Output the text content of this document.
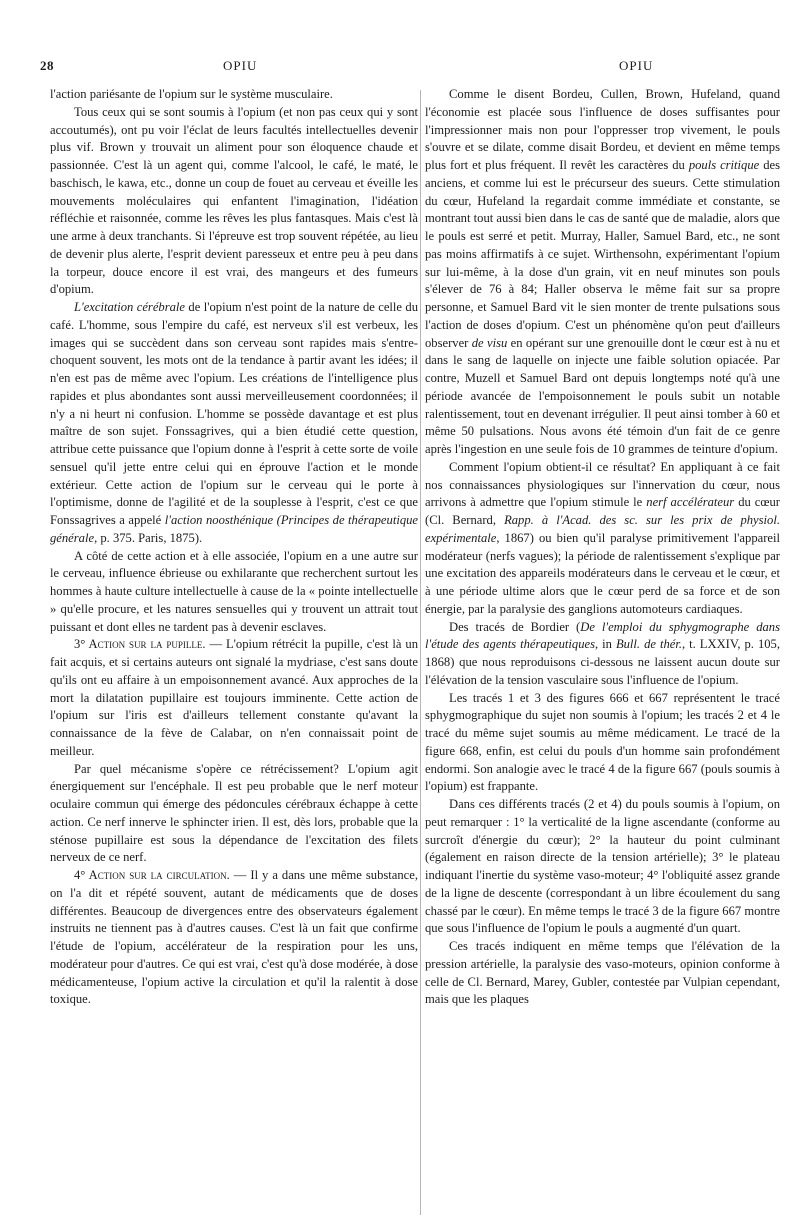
28	OPIU	OPIU

l'action pariésante de l'opium sur le système musculaire.

Tous ceux qui se sont soumis à l'opium (et non pas ceux qui y sont accoutumés), ont pu voir l'éclat de leurs facultés intellectuelles devenir plus vif. Brown y trouvait un aliment pour son éloquence chaude et passionnée. C'est là un agent qui, comme l'alcool, le café, le maté, le baschisch, le kawa, etc., donne un coup de fouet au cerveau et éveille les mouvements moléculaires qui enfantent l'imagination, l'idéation réfléchie et raisonnée, comme les rêves les plus fantasques. Mais c'est là une arme à deux tranchants. Si l'épreuve est trop souvent répétée, au lieu de devenir plus alerte, l'esprit devient paresseux et entre peu à peu dans la torpeur, douce encore il est vrai, des mangeurs et des fumeurs d'opium.

L'excitation cérébrale de l'opium n'est point de la nature de celle du café. L'homme, sous l'empire du café, est nerveux s'il est verbeux, les images qui se succèdent dans son cerveau sont rapides mais s'entre-choquent souvent, les mots ont de la tendance à partir avant les idées; il n'en est pas de même avec l'opium. Les créations de l'intelligence plus rapides et plus abondantes sont aussi merveilleusement coordonnées; il n'y a ni heurt ni confusion. L'homme se possède davantage et est plus maître de son sujet. Fonssagrives, qui a bien étudié cette question, attribue cette puissance que l'opium donne à l'esprit à cette sorte de voile sensuel qu'il jette entre celui qui en éprouve l'action et le monde extérieur. Cette action de l'opium sur le cerveau qui le porte à l'optimisme, donne de l'agilité et de la souplesse à l'esprit, c'est ce que Fonssagrives a appelé l'action noosthénique (Principes de thérapeutique générale, p. 375. Paris, 1875).

A côté de cette action et à elle associée, l'opium en a une autre sur le cerveau, influence ébrieuse ou exhilarante que recherchent surtout les hommes à haute culture intellectuelle à cause de la « pointe intellectuelle » qu'elle procure, et les natures sensuelles qui y trouvent un attrait tout puissant et dont elles ne tardent pas à devenir esclaves.

3° Action sur la pupille. — L'opium rétrécit la pupille, c'est là un fait acquis, et si certains auteurs ont signalé la mydriase, c'est sans doute qu'ils ont eu affaire à un empoisonnement avancé. Aux approches de la mort la dilatation pupillaire est toujours imminente. Cette action de l'opium sur l'iris est d'ailleurs tellement constante qu'avant la connaissance de la fève de Calabar, on n'en connaissait point de meilleur.

Par quel mécanisme s'opère ce rétrécissement? L'opium agit énergiquement sur l'encéphale. Il est peu probable que le nerf moteur oculaire commun qui émerge des pédoncules cérébraux échappe à cette action. Ce nerf innerve le sphincter irien. Il est, dès lors, probable que la sténose pupillaire est sous la dépendance de l'excitation des filets nerveux de ce nerf.

4° Action sur la circulation. — Il y a dans une même substance, on l'a dit et répété souvent, autant de médicaments que de doses différentes. Beaucoup de divergences entre des observateurs également instruits ne tiennent pas à d'autres causes. C'est là un fait que confirme l'étude de l'opium, accélérateur de la respiration pour les uns, modérateur pour d'autres. Ce qui est vrai, c'est qu'à dose modérée, à dose médicamenteuse, l'opium active la circulation et qu'il la ralentit à dose toxique.

Comme le disent Bordeu, Cullen, Brown, Hufeland, quand l'économie est placée sous l'influence de doses suffisantes pour l'impressionner mais non pour l'oppresser trop vivement, le pouls s'ouvre et se dilate, comme disait Bordeu, et devient en même temps plus fort et plus fréquent. Il revêt les caractères du pouls critique des anciens, et comme lui est le précurseur des sueurs. Cette stimulation du cœur, Hufeland la regardait comme immédiate et constante, se montrant tout aussi bien dans le cas de santé que de maladie, alors que le pouls est serré et petit. Murray, Haller, Samuel Bard, etc., ne sont pas moins affirmatifs à ce sujet. Wirthensohn, expérimentant l'opium sur lui-même, à la dose d'un grain, vit en neuf minutes son pouls s'élever de 76 à 84; Haller observa le même fait sur sa propre personne, et Samuel Bard vit le sien monter de trente pulsations sous l'action de doses d'opium. C'est un phénomène qu'on peut d'ailleurs observer de visu en opérant sur une grenouille dont le cœur est à nu et dans le sang de laquelle on injecte une faible solution opiacée. Par contre, Muzell et Samuel Bard ont depuis longtemps noté qu'à une période avancée de l'empoisonnement le pouls subit un notable ralentissement, tout en devenant irrégulier. Il peut ainsi tomber à 60 et même 50 pulsations. Nous avons été témoin d'un fait de ce genre après l'ingestion en une seule fois de 10 grammes de teinture d'opium.

Comment l'opium obtient-il ce résultat? En appliquant à ce fait nos connaissances physiologiques sur l'innervation du cœur, nous arrivons à admettre que l'opium stimule le nerf accélérateur du cœur (Cl. Bernard, Rapp. à l'Acad. des sc. sur les prix de physiol. expérimentale, 1867) ou bien qu'il paralyse primitivement l'appareil modérateur (nerfs vagues); la période de ralentissement s'explique par une excitation des appareils modérateurs dans le cerveau et le cœur, et à une période ultime alors que le cœur perd de sa force et de son énergie, par la paralysie des ganglions automoteurs cardiaques.

Des tracés de Bordier (De l'emploi du sphygmographe dans l'étude des agents thérapeutiques, in Bull. de thér., t. LXXIV, p. 105, 1868) que nous reproduisons ci-dessous ne laissent aucun doute sur l'élévation de la tension vasculaire sous l'influence de l'opium.

Les tracés 1 et 3 des figures 666 et 667 représentent le tracé sphygmographique du sujet non soumis à l'opium; les tracés 2 et 4 le tracé du même sujet soumis au même médicament. Le tracé de la figure 668, enfin, est celui du pouls d'un homme sain profondément endormi. Son analogie avec le tracé 4 de la figure 667 (pouls soumis à l'opium) est frappante.

Dans ces différents tracés (2 et 4) du pouls soumis à l'opium, on peut remarquer : 1° la verticalité de la ligne ascendante (conforme au surcroît d'énergie du cœur); 2° la hauteur du point culminant (également en raison directe de la tension artérielle); 3° le plateau indiquant l'inertie du système vaso-moteur; 4° l'obliquité assez grande de la ligne de descente (correspondant à un libre écoulement du sang chassé par le cœur). En même temps le tracé 3 de la figure 667 montre que sous l'influence de l'opium le pouls a augmenté d'un quart.

Ces tracés indiquent en même temps que l'élévation de la pression artérielle, la paralysie des vaso-moteurs, opinion conforme à celle de Cl. Bernard, Marey, Gubler, contestée par Vulpian cependant, mais que les plaques
